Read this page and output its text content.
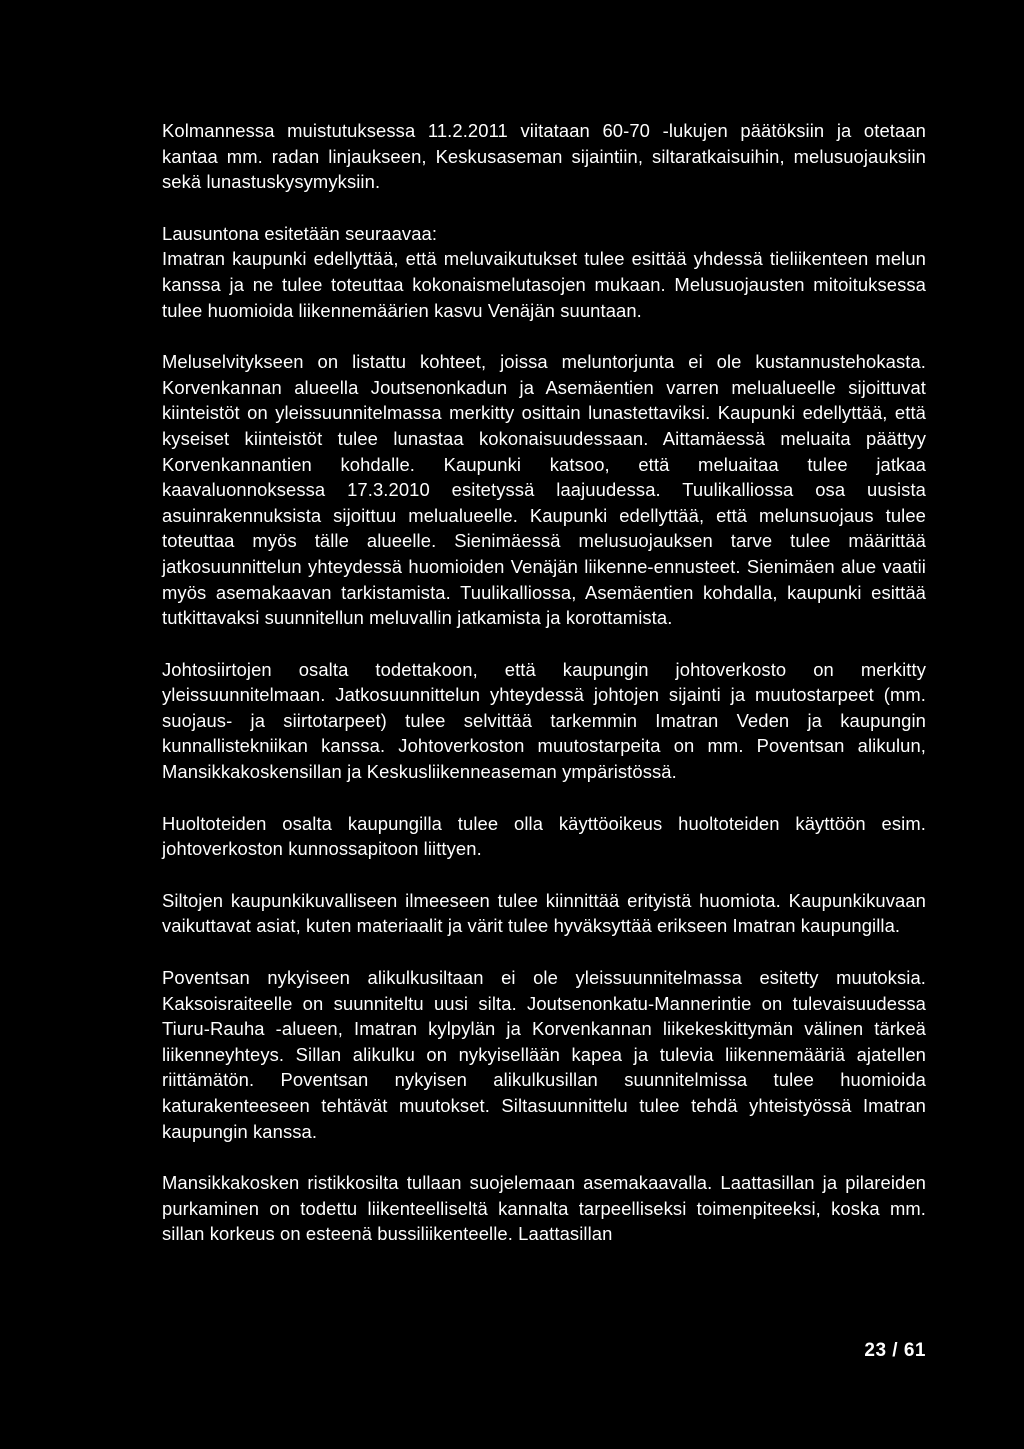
Kolmannessa muistutuksessa 11.2.2011 viitataan 60-70 -lukujen päätöksiin ja otetaan kantaa mm. radan linjaukseen, Keskusaseman sijaintiin, siltaratkaisuihin, melusuojauksiin sekä lunastuskysymyksiin.

Lausuntona esitetään seuraavaa:
Imatran kaupunki edellyttää, että meluvaikutukset tulee esittää yhdessä tieliikenteen melun kanssa ja ne tulee toteuttaa kokonaismelutasojen mukaan. Melusuojausten mitoituksessa tulee huomioida liikennemäärien kasvu Venäjän suuntaan.

Meluselvitykseen on listattu kohteet, joissa meluntorjunta ei ole kustannustehokasta. Korvenkannan alueella Joutsenonkadun ja Asemäentien varren melualueelle sijoittuvat kiinteistöt on yleissuunnitelmassa merkitty osittain lunastettaviksi. Kaupunki edellyttää, että kyseiset kiinteistöt tulee lunastaa kokonaisuudessaan. Aittamäessä meluaita päättyy Korvenkannantien kohdalle. Kaupunki katsoo, että meluaitaa tulee jatkaa kaavaluonnoksessa 17.3.2010 esitetyssä laajuudessa. Tuulikalliossa osa uusista asuinrakennuksista sijoittuu melualueelle. Kaupunki edellyttää, että melunsuojaus tulee toteuttaa myös tälle alueelle. Sienimäessä melusuojauksen tarve tulee määrittää jatkosuunnittelun yhteydessä huomioiden Venäjän liikenne-ennusteet. Sienimäen alue vaatii myös asemakaavan tarkistamista. Tuulikalliossa, Asemäentien kohdalla, kaupunki esittää tutkittavaksi suunnitellun meluvallin jatkamista ja korottamista.

Johtosiirtojen osalta todettakoon, että kaupungin johtoverkosto on merkitty yleissuunnitelmaan. Jatkosuunnittelun yhteydessä johtojen sijainti ja muutostarpeet (mm. suojaus- ja siirtotarpeet) tulee selvittää tarkemmin Imatran Veden ja kaupungin kunnallistekniikan kanssa. Johtoverkoston muutostarpeita on mm. Poventsan alikulun, Mansikkakoskensillan ja Keskusliikenneaseman ympäristössä.

Huoltoteiden osalta kaupungilla tulee olla käyttöoikeus huoltoteiden käyttöön esim. johtoverkoston kunnossapitoon liittyen.

Siltojen kaupunkikuvalliseen ilmeeseen tulee kiinnittää erityistä huomiota. Kaupunkikuvaan vaikuttavat asiat, kuten materiaalit ja värit tulee hyväksyttää erikseen Imatran kaupungilla.

Poventsan nykyiseen alikulkusiltaan ei ole yleissuunnitelmassa esitetty muutoksia. Kaksoisraiteelle on suunniteltu uusi silta. Joutsenonkatu-Mannerintie on tulevaisuudessa Tiuru-Rauha -alueen, Imatran kylpylän ja Korvenkannan liikekeskittymän välinen tärkeä liikenneyhteys. Sillan alikulku on nykyisellään kapea ja tulevia liikennemääriä ajatellen riittämätön. Poventsan nykyisen alikulkusillan suunnitelmissa tulee huomioida katurakenteeseen tehtävät muutokset. Siltasuunnittelu tulee tehdä yhteistyössä Imatran kaupungin kanssa.

Mansikkakosken ristikkosilta tullaan suojelemaan asemakaavalla. Laattasillan ja pilareiden purkaminen on todettu liikenteelliseltä kannalta tarpeelliseksi toimenpiteeksi, koska mm. sillan korkeus on esteenä bussiliikenteelle. Laattasillan

23 / 61
